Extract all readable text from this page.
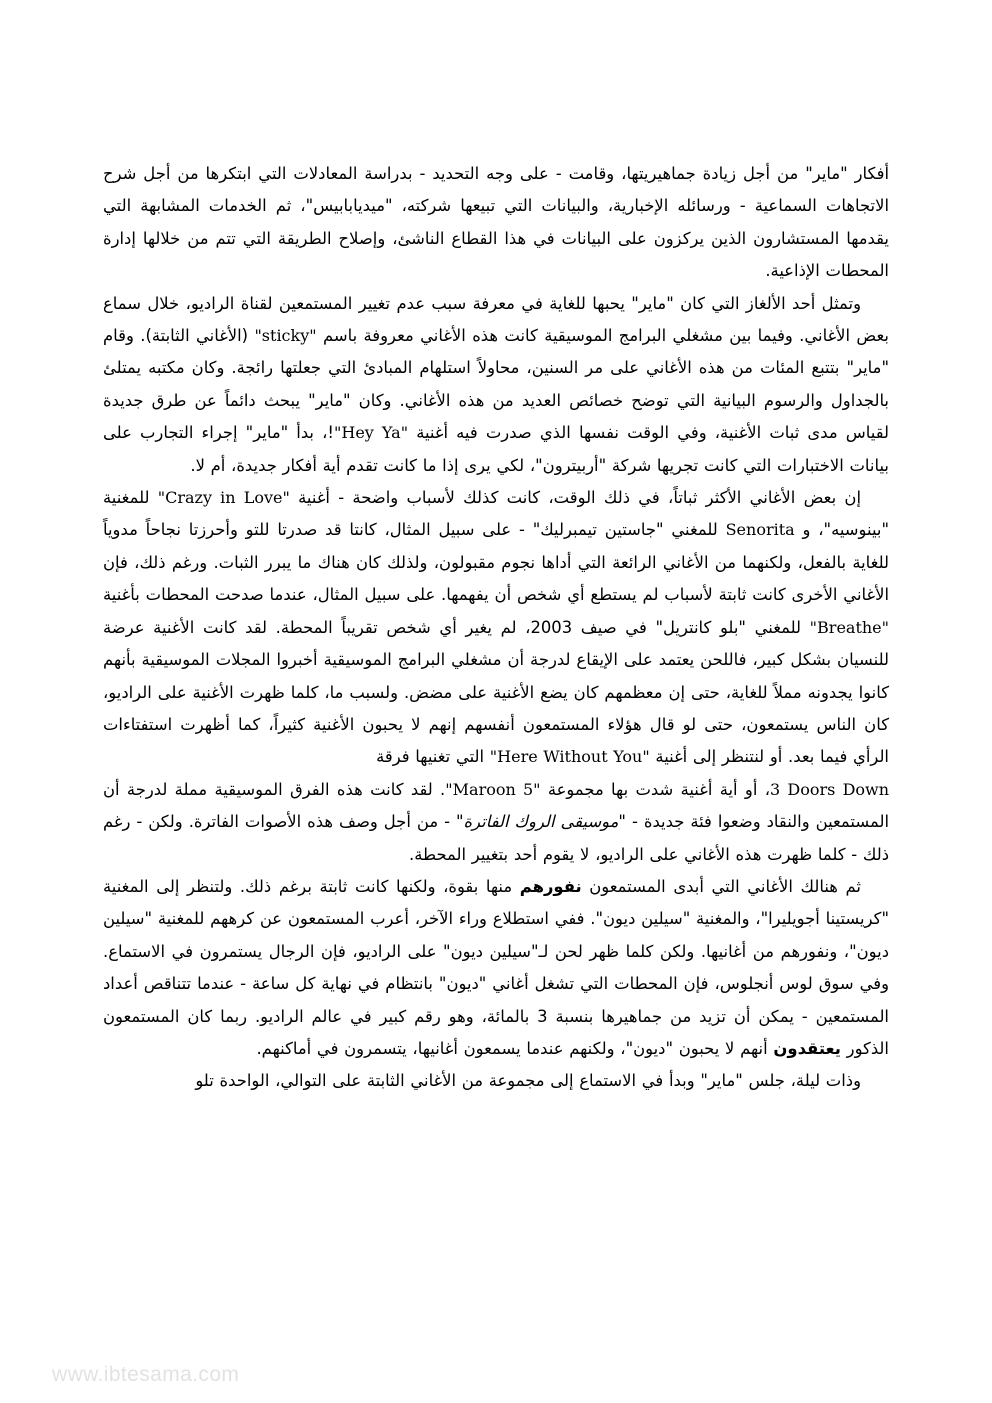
أفكار "ماير" من أجل زيادة جماهيريتها، وقامت - على وجه التحديد - بدراسة المعادلات التي ابتكرها من أجل شرح الاتجاهات السماعية - ورسائله الإخبارية، والبيانات التي تبيعها شركته، "ميدیابابیس"، ثم الخدمات المشابهة التي يقدمها المستشارون الذين يركزون على البيانات في هذا القطاع الناشئ، وإصلاح الطريقة التي تتم من خلالها إدارة المحطات الإذاعية.

وتمثل أحد الألغاز التي كان "ماير" يحبها للغاية في معرفة سبب عدم تغيير المستمعين لقناة الراديو، خلال سماع بعض الأغاني. وفيما بين مشغلي البرامج الموسيقية كانت هذه الأغاني معروفة باسم "sticky" (الأغاني الثابتة). وقام "ماير" بتتبع المئات من هذه الأغاني على مر السنين، محاولاً استلهام المبادئ التي جعلتها رائجة. وكان مكتبه يمتلئ بالجداول والرسوم البيانية التي توضح خصائص العديد من هذه الأغاني. وكان "ماير" يبحث دائماً عن طرق جديدة لقياس مدى ثبات الأغنية، وفي الوقت نفسها الذي صدرت فيه أغنية "Hey Ya"!، بدأ "ماير" إجراء التجارب على بيانات الاختبارات التي كانت تجريها شركة "أربيترون"، لكي يرى إذا ما كانت تقدم أية أفكار جديدة، أم لا.

إن بعض الأغاني الأكثر ثباتاً، في ذلك الوقت، كانت كذلك لأسباب واضحة - أغنية "Crazy in Love" للمغنية "بينوسيه"، و Senorita للمغني "جاستين تيمبرليك" - على سبيل المثال، كانتا قد صدرتا للتو وأحرزتا نجاحاً مدوياً للغاية بالفعل، ولكنهما من الأغاني الرائعة التي أداها نجوم مقبولون، ولذلك كان هناك ما يبرر الثبات. ورغم ذلك، فإن الأغاني الأخرى كانت ثابتة لأسباب لم يستطع أي شخص أن يفهمها. على سبيل المثال، عندما صدحت المحطات بأغنية "Breathe" للمغني "بلو كانتريل" في صيف 2003، لم يغير أي شخص تقريباً المحطة. لقد كانت الأغنية عرضة للنسيان بشكل كبير، فاللحن يعتمد على الإيقاع لدرجة أن مشغلي البرامج الموسيقية أخبروا المجلات الموسيقية بأنهم كانوا يجدونه مملاً للغاية، حتى إن معظمهم كان يضع الأغنية على مضض. ولسبب ما، كلما ظهرت الأغنية على الراديو، كان الناس يستمعون، حتى لو قال هؤلاء المستمعون أنفسهم إنهم لا يحبون الأغنية كثيراً، كما أظهرت استفتاءات الرأي فيما بعد. أو لنتنظر إلى أغنية "Here Without You" التي تغنيها فرقة

3 Doors Down، أو أية أغنية شدت بها مجموعة "Maroon 5". لقد كانت هذه الفرق الموسيقية مملة لدرجة أن المستمعين والنقاد وضعوا فئة جديدة - "موسيقى الروك الفاترة" - من أجل وصف هذه الأصوات الفاترة. ولكن - رغم ذلك - كلما ظهرت هذه الأغاني على الراديو، لا يقوم أحد بتغيير المحطة.

ثم هنالك الأغاني التي أبدى المستمعون نفورهم منها بقوة، ولكنها كانت ثابتة برغم ذلك. ولتنظر إلى المغنية "كريستينا أجويليرا"، والمغنية "سيلين ديون". ففي استطلاع وراء الآخر، أعرب المستمعون عن كرههم للمغنية "سيلين ديون"، ونفورهم من أغانيها. ولكن كلما ظهر لحن لـ"سيلين ديون" على الراديو، فإن الرجال يستمرون في الاستماع. وفي سوق لوس أنجلوس، فإن المحطات التي تشغل أغاني "ديون" بانتظام في نهاية كل ساعة - عندما تتناقص أعداد المستمعين - يمكن أن تزيد من جماهيرها بنسبة 3 بالمائة، وهو رقم كبير في عالم الراديو. ربما كان المستمعون الذكور يعتقدون أنهم لا يحبون "ديون"، ولكنهم عندما يسمعون أغانيها، يتسمرون في أماكنهم.

وذات ليلة، جلس "ماير" وبدأ في الاستماع إلى مجموعة من الأغاني الثابتة على التوالي، الواحدة تلو

www.ibtesama.com
